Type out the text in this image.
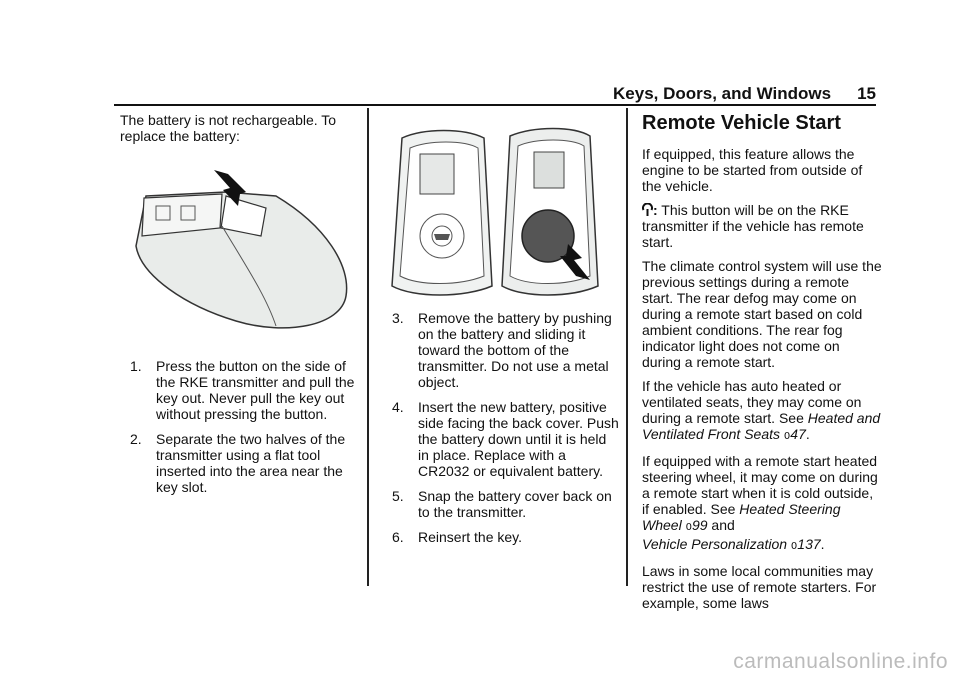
Keys, Doors, and Windows 15

The battery is not rechargeable. To replace the battery:

1.	Press the button on the side of the RKE transmitter and pull the key out. Never pull the key out without pressing the button.
2.	Separate the two halves of the transmitter using a flat tool inserted into the area near the key slot.
3.	Remove the battery by pushing on the battery and sliding it toward the bottom of the transmitter. Do not use a metal object.
4.	Insert the new battery, positive side facing the back cover. Push the battery down until it is held in place. Replace with a CR2032 or equivalent battery.
5.	Snap the battery cover back on to the transmitter.
6.	Reinsert the key.
Remote Vehicle Start

If equipped, this feature allows the engine to be started from outside of the vehicle.

: This button will be on the RKE transmitter if the vehicle has remote start.

The climate control system will use the previous settings during a remote start. The rear defog may come on during a remote start based on cold ambient conditions. The rear fog indicator light does not come on during a remote start.

If the vehicle has auto heated or ventilated seats, they may come on during a remote start. See Heated and Ventilated Front Seats 047.

If equipped with a remote start heated steering wheel, it may come on during a remote start when it is cold outside, if enabled. See Heated Steering Wheel 099 and
Vehicle Personalization 0137.

Laws in some local communities may restrict the use of remote starters. For example, some laws

carmanualsonline.info
